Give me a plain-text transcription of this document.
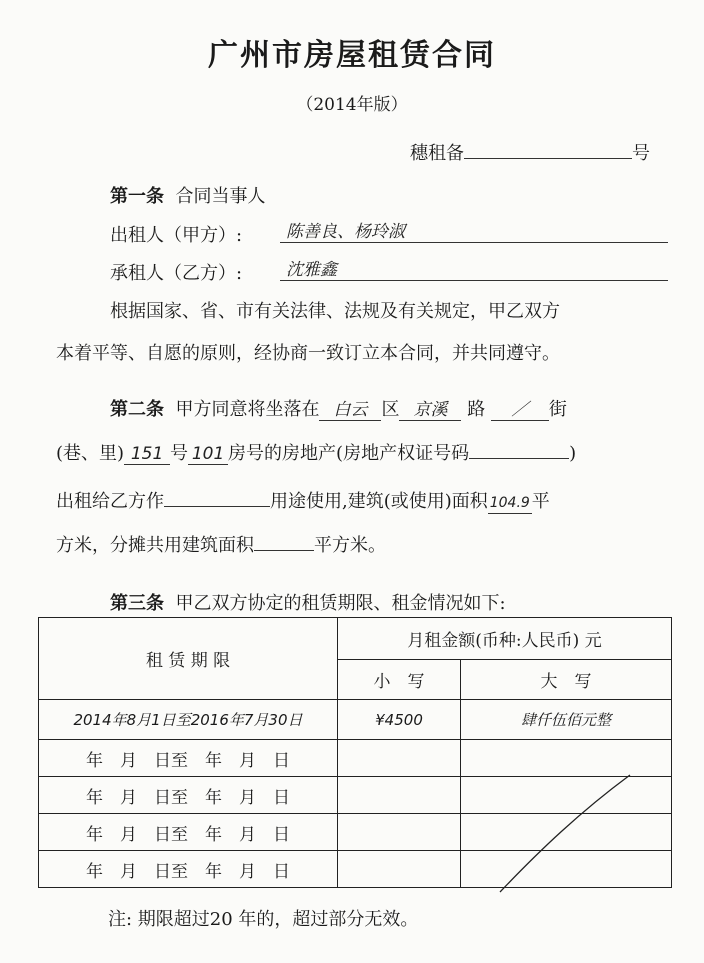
广州市房屋租赁合同
（2014年版）
穗租备	号
第一条 合同当事人
出租人（甲方）:	陈善良、杨玲淑
承租人（乙方）:	沈雅鑫
根据国家、省、市有关法律、法规及有关规定，甲乙双方
本着平等、自愿的原则，经协商一致订立本合同，并共同遵守。
第二条 甲方同意将坐落在 白云 区 京溪 路 ／ 街
(巷、里) 151 号 101 房号的房地产(房地产权证号码	)
出租给乙方作	用途使用,建筑(或使用)面积 104.9 平
方米，分摊共用建筑面积	平方米。
第三条 甲乙双方协定的租赁期限、租金情况如下:
租 赁 期 限	月租金额(币种:人民币) 元	
	小　写	大　写
2014年8月1日至2016年7月30日	¥4500	肆仟伍佰元整
年　月　日至　年　月　日		
年　月　日至　年　月　日		
年　月　日至　年　月　日		
年　月　日至　年　月　日		
注: 期限超过20 年的，超过部分无效。
